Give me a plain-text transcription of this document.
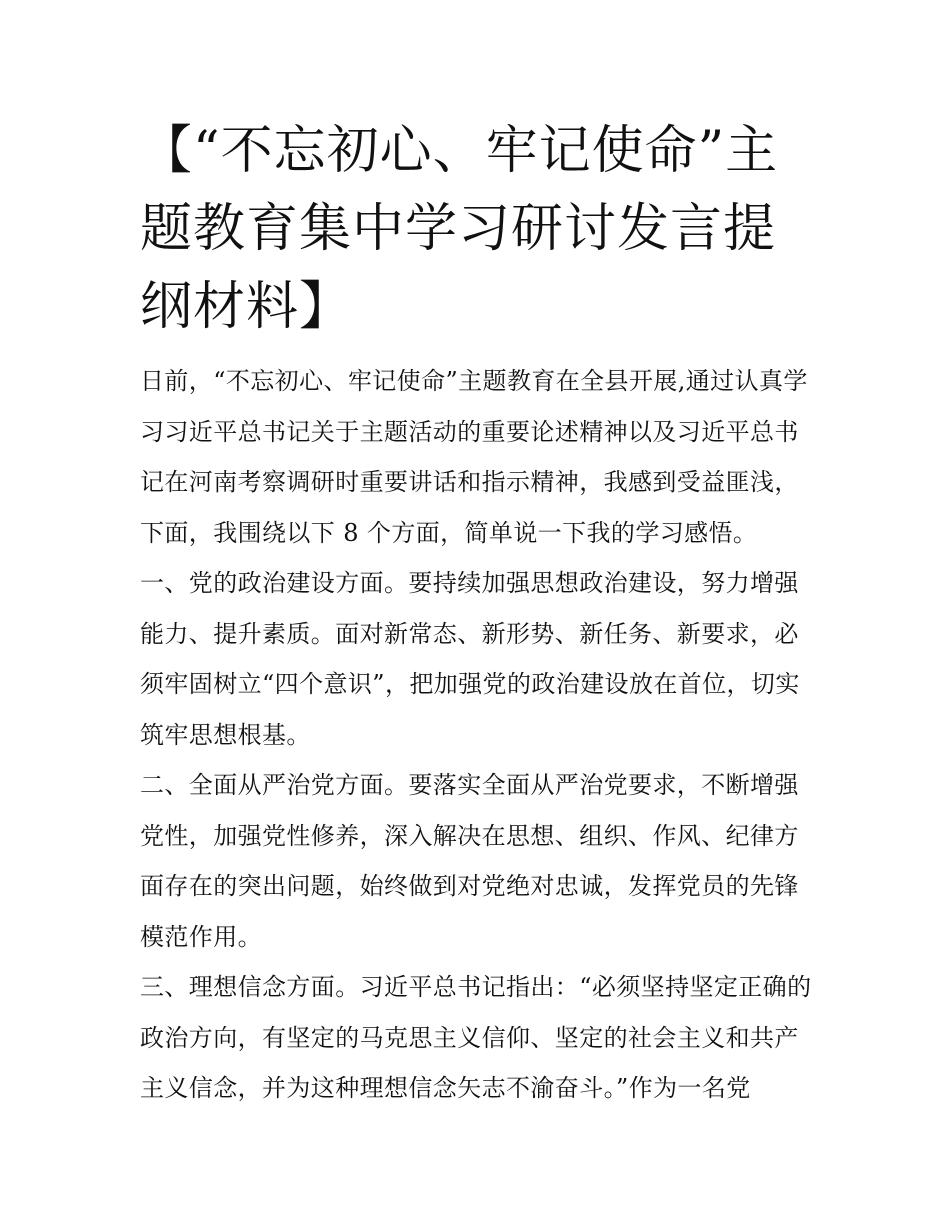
【“不忘初心、牢记使命”主题教育集中学习研讨发言提纲材料】

日前，“不忘初心、牢记使命”主题教育在全县开展,通过认真学习习近平总书记关于主题活动的重要论述精神以及习近平总书记在河南考察调研时重要讲话和指示精神，我感到受益匪浅，下面，我围绕以下 8 个方面，简单说一下我的学习感悟。

一、党的政治建设方面。要持续加强思想政治建设，努力增强能力、提升素质。面对新常态、新形势、新任务、新要求，必须牢固树立“四个意识”，把加强党的政治建设放在首位，切实筑牢思想根基。

二、全面从严治党方面。要落实全面从严治党要求，不断增强党性，加强党性修养，深入解决在思想、组织、作风、纪律方面存在的突出问题，始终做到对党绝对忠诚，发挥党员的先锋模范作用。

三、理想信念方面。习近平总书记指出：“必须坚持坚定正确的政治方向，有坚定的马克思主义信仰、坚定的社会主义和共产主义信念，并为这种理想信念矢志不渝奋斗。”作为一名党
